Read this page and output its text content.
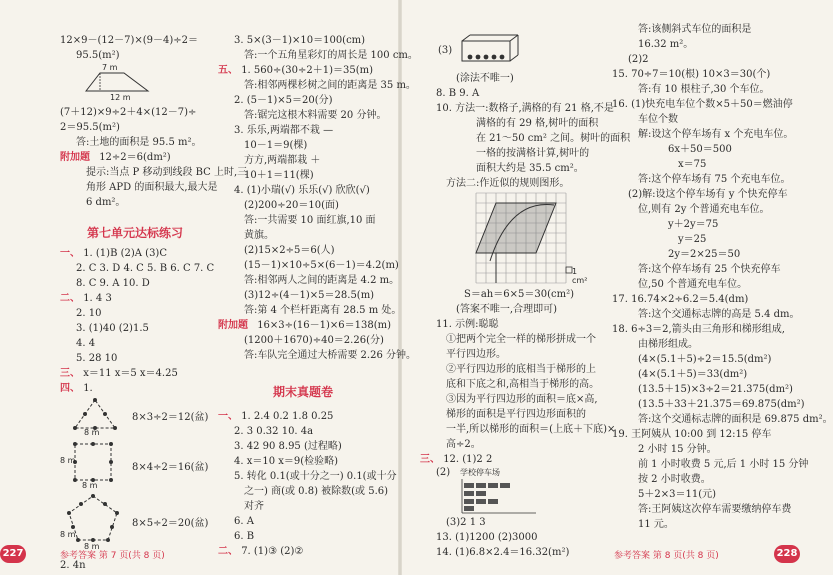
12×9－(12－7)×(9－4)÷2＝
95.5(m²)
7 m
12 m
(7＋12)×9÷2＋4×(12－7)÷
2＝95.5(m²)
答:土地的面积是 95.5 m²。
附加题 12÷2＝6(dm²)
提示:当点 P 移动到线段 BC 上时,三
角形 APD 的面积最大,最大是
6 dm²。
第七单元达标练习
一、 1. (1)B (2)A (3)C
2. C 3. D 4. C 5. B 6. C 7. C
8. C 9. A 10. D
二、 1. 4 3
2. 10
3. (1)40 (2)1.5
4. 4
5. 28 10
三、 x＝11 x＝5 x＝4.25
四、 1.
8 m
8×3÷2＝12(盆)
8 m
8 m
8×4÷2＝16(盆)
8 m
8 m
8×5÷2＝20(盆)
2. 4n
3. 5×(3－1)×10＝100(cm)
答:一个五角星彩灯的周长是 100 cm。
五、 1. 560÷(30÷2＋1)＝35(m)
答:相邻两棵杉树之间的距离是 35 m。
2. (5－1)×5＝20(分)
答:锯完这根木料需要 20 分钟。
3. 乐乐,两端都不栽 —
10－1＝9(棵)
方方,两端都栽 ＋
10＋1＝11(棵)
4. (1)小瑞(√) 乐乐(√) 欣欣(√)
(2)200÷20＝10(面)
答:一共需要 10 面红旗,10 面
黄旗。
(2)15×2÷5＝6(人)
(15－1)×10÷5×(6－1)＝4.2(m)
答:相邻两人之间的距离是 4.2 m。
(3)12÷(4－1)×5＝28.5(m)
答:第 4 个栏杆距离有 28.5 m 处。
附加题 16×3÷(16－1)×6＝138(m)
(1200＋1670)÷40＝2.26(分)
答:车队完全通过大桥需要 2.26 分钟。
期末真题卷
一、 1. 2.4 0.2 1.8 0.25
2. 3 0.32 10. 4a
3. 42 90 8.95 (过程略)
4. x＝10 x＝9(检验略)
5. 转化 0.1(或十分之一) 0.1(或十分
之一) 商(或 0.8) 被除数(或 5.6)
对齐
6. A
6. B
二、 7. (1)③ (2)②
227	参考答案 第 7 页(共 8 页)
(3)
(涂法不唯一)
8. B 9. A
10. 方法一:数格子,满格的有 21 格,不是
满格的有 29 格,树叶的面积
在 21～50 cm² 之间。树叶的面积
一格的按满格计算,树叶的
面积大约是 35.5 cm²。
方法二:作近似的规则图形。
1 cm²
S＝ah＝6×5＝30(cm²)
(答案不唯一,合理即可)
11. 示例:聪聪
①把两个完全一样的梯形拼成一个
平行四边形。
②平行四边形的底相当于梯形的上
底和下底之和,高相当于梯形的高。
③因为平行四边形的面积＝底×高,
梯形的面积是平行四边形面积的
一半,所以梯形的面积＝(上底＋下底)×
高÷2。
三、 12. (1)2 2
(2) 学校停车场
(3)2 1 3
13. (1)1200 (2)3000
14. (1)6.8×2.4＝16.32(m²)
答:该侧斜式车位的面积是
16.32 m²。
(2)2
15. 70÷7＝10(根) 10×3＝30(个)
答:有 10 根柱子,30 个车位。
16. (1)快充电车位个数×5＋50＝燃油停
车位个数
解:设这个停车场有 x 个充电车位。
6x＋50＝500
x＝75
答:这个停车场有 75 个充电车位。
(2)解:设这个停车场有 y 个快充停车
位,则有 2y 个普通充电车位。
y＋2y＝75
y＝25
2y＝2×25＝50
答:这个停车场有 25 个快充停车
位,50 个普通充电车位。
17. 16.74×2÷6.2＝5.4(dm)
答:这个交通标志牌的高是 5.4 dm。
18. 6÷3＝2,箭头由三角形和梯形组成,
由梯形组成。
(4×(5.1＋5)÷2＝15.5(dm²)
(4×(5.1＋5)＝33(dm²)
(13.5＋15)×3÷2＝21.375(dm²)
(13.5＋33＋21.375＝69.875(dm²)
答:这个交通标志牌的面积是 69.875 dm²。
19. 王阿姨从 10:00 到 12:15 停车
2 小时 15 分钟。
前 1 小时收费 5 元,后 1 小时 15 分钟
按 2 小时收费。
5＋2×3＝11(元)
答:王阿姨这次停车需要缴纳停车费
11 元。
参考答案 第 8 页(共 8 页)	228
